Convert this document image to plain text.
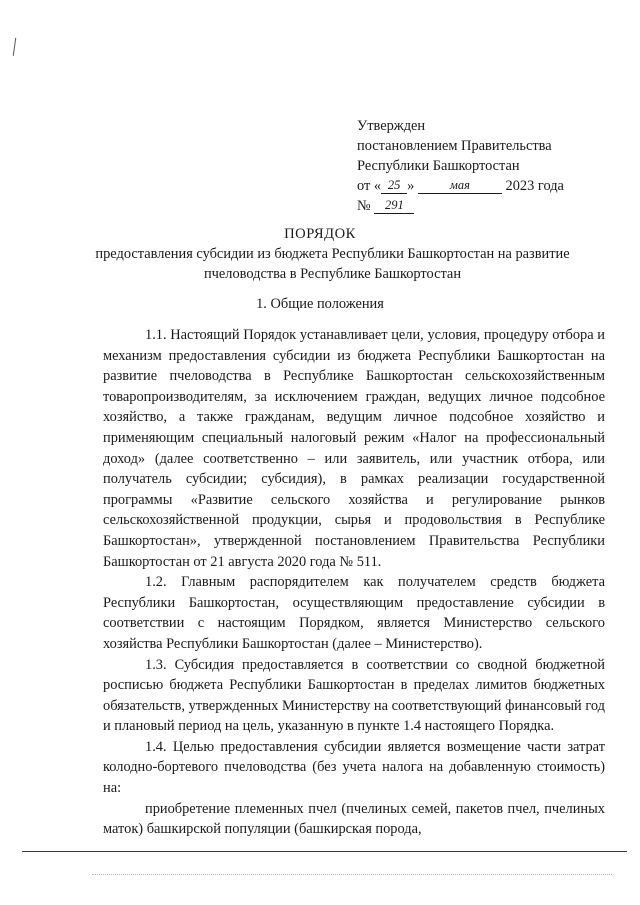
Утвержден
постановлением Правительства
Республики Башкортостан
от « 25 »	мая 2023 года
№ 291
ПОРЯДОК
предоставления субсидии из бюджета Республики Башкортостан на развитие пчеловодства в Республике Башкортостан
1. Общие положения

1.1. Настоящий Порядок устанавливает цели, условия, процедуру отбора и механизм предоставления субсидии из бюджета Республики Башкортостан на развитие пчеловодства в Республике Башкортостан сельскохозяйственным товаропроизводителям, за исключением граждан, ведущих личное подсобное хозяйство, а также гражданам, ведущим личное подсобное хозяйство и применяющим специальный налоговый режим «Налог на профессиональный доход» (далее соответственно – или заявитель, или участник отбора, или получатель субсидии; субсидия), в рамках реализации государственной программы «Развитие сельского хозяйства и регулирование рынков сельскохозяйственной продукции, сырья и продовольствия в Республике Башкортостан», утвержденной постановлением Правительства Республики Башкортостан от 21 августа 2020 года № 511.

1.2. Главным распорядителем как получателем средств бюджета Республики Башкортостан, осуществляющим предоставление субсидии в соответствии с настоящим Порядком, является Министерство сельского хозяйства Республики Башкортостан (далее – Министерство).

1.3. Субсидия предоставляется в соответствии со сводной бюджетной росписью бюджета Республики Башкортостан в пределах лимитов бюджетных обязательств, утвержденных Министерству на соответствующий финансовый год и плановый период на цель, указанную в пункте 1.4 настоящего Порядка.

1.4. Целью предоставления субсидии является возмещение части затрат колодно-бортевого пчеловодства (без учета налога на добавленную стоимость) на:

приобретение племенных пчел (пчелиных семей, пакетов пчел, пчелиных маток) башкирской популяции (башкирская порода,
